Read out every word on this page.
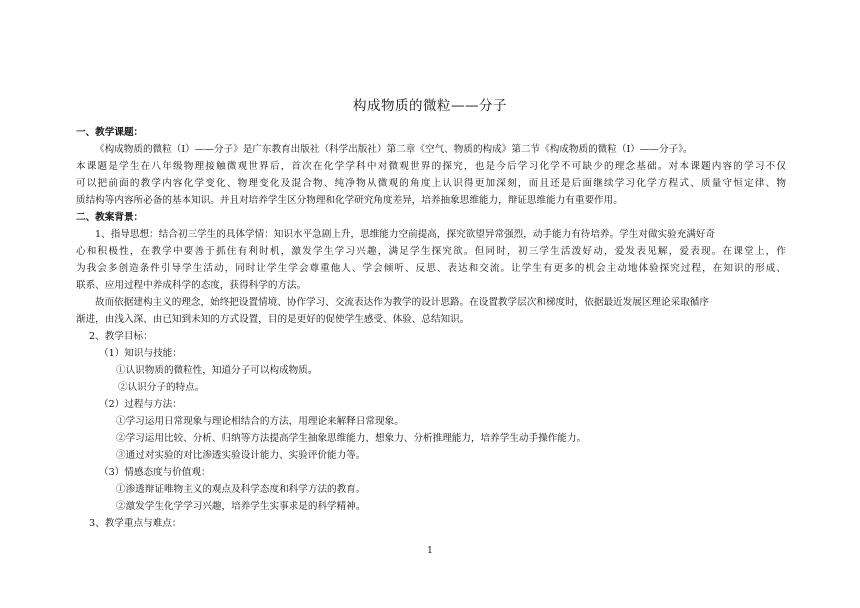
构成物质的微粒——分子
一、教学课题：
《构成物质的微粒（Ⅰ）——分子》是广东教育出版社（科学出版社）第二章《空气、物质的构成》第二节《构成物质的微粒（Ⅰ）——分子》。
本课题是学生在八年级物理接触微观世界后，首次在化学学科中对微观世界的探究，也是今后学习化学不可缺少的理念基础。对本课题内容的学习不仅
可以把前面的教学内容化学变化、物理变化及混合物、纯净物从微观的角度上认识得更加深刻，而且还是后面继续学习化学方程式、质量守恒定律、物
质结构等内容所必备的基本知识。并且对培养学生区分物理和化学研究角度差异，培养抽象思维能力，辩证思维能力有重要作用。
二、教案背景：
1、指导思想：结合初三学生的具体学情：知识水平急剧上升，思维能力空前提高，探究欲望异常强烈，动手能力有待培养。学生对做实验充满好奇
心和积极性，在教学中要善于抓住有利时机，激发学生学习兴趣，满足学生探究欲。但同时，初三学生活泼好动，爱发表见解，爱表现。在课堂上，作
为我会多创造条件引导学生活动，同时让学生学会尊重他人、学会倾听、反思、表达和交流。让学生有更多的机会主动地体验探究过程，在知识的形成、
联系、应用过程中养成科学的态度，获得科学的方法。
故而依据建构主义的理念，始终把设置情境、协作学习、交流表达作为教学的设计思路。在设置教学层次和梯度时，依据最近发展区理论采取循序
渐进，由浅入深、由已知到未知的方式设置，目的是更好的促使学生感受、体验、总结知识。
2、教学目标：
（1）知识与技能：
①认识物质的微粒性，知道分子可以构成物质。
②认识分子的特点。
（2）过程与方法：
①学习运用日常现象与理论相结合的方法，用理论来解释日常现象。
②学习运用比较、分析、归纳等方法提高学生抽象思维能力、想象力、分析推理能力，培养学生动手操作能力。
③通过对实验的对比渗透实验设计能力、实验评价能力等。
（3）情感态度与价值观：
①渗透辩证唯物主义的观点及科学态度和科学方法的教育。
②激发学生化学学习兴趣，培养学生实事求是的科学精神。
3、教学重点与难点：
1
